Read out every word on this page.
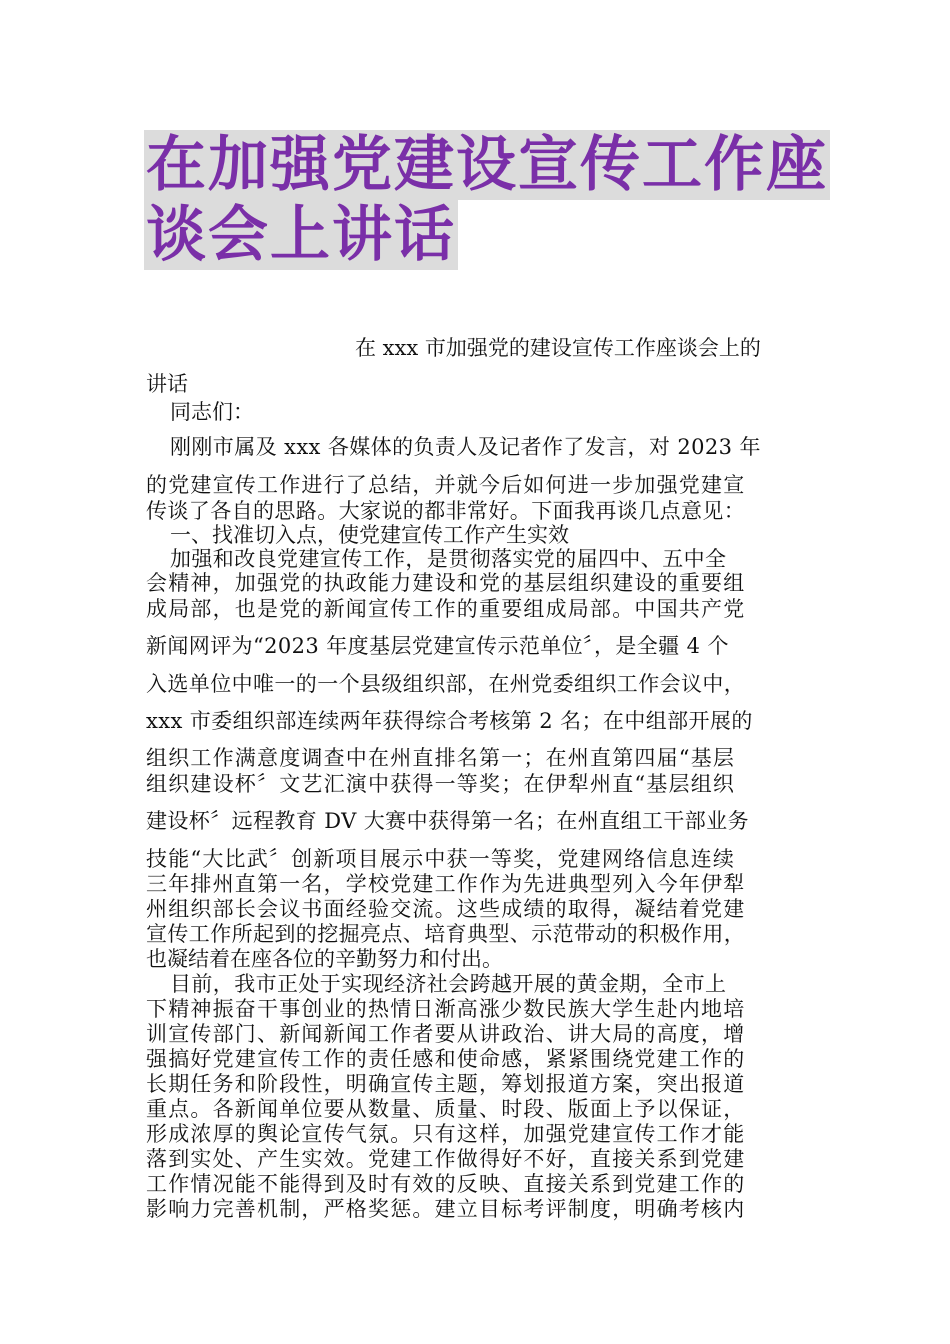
在加强党建设宣传工作座
谈会上讲话
在 xxx 市加强党的建设宣传工作座谈会上的
讲话
同志们：
刚刚市属及 xxx 各媒体的负责人及记者作了发言，对 2023 年
的党建宣传工作进行了总结，并就今后如何进一步加强党建宣
传谈了各自的思路。大家说的都非常好。下面我再谈几点意见：
一、找准切入点，使党建宣传工作产生实效
加强和改良党建宣传工作，是贯彻落实党的届四中、五中全
会精神，加强党的执政能力建设和党的基层组织建设的重要组
成局部，也是党的新闻宣传工作的重要组成局部。中国共产党
新闻网评为“2023 年度基层党建宣传示范单位〞，是全疆 4 个
入选单位中唯一的一个县级组织部，在州党委组织工作会议中，
xxx 市委组织部连续两年获得综合考核第 2 名；在中组部开展的
组织工作满意度调查中在州直排名第一；在州直第四届“基层
组织建设杯〞文艺汇演中获得一等奖；在伊犁州直“基层组织
建设杯〞远程教育 DV 大赛中获得第一名；在州直组工干部业务
技能“大比武〞创新项目展示中获一等奖，党建网络信息连续
三年排州直第一名，学校党建工作作为先进典型列入今年伊犁
州组织部长会议书面经验交流。这些成绩的取得，凝结着党建
宣传工作所起到的挖掘亮点、培育典型、示范带动的积极作用，
也凝结着在座各位的辛勤努力和付出。
目前，我市正处于实现经济社会跨越开展的黄金期，全市上
下精神振奋干事创业的热情日渐高涨少数民族大学生赴内地培
训宣传部门、新闻新闻工作者要从讲政治、讲大局的高度，增
强搞好党建宣传工作的责任感和使命感，紧紧围绕党建工作的
长期任务和阶段性，明确宣传主题，筹划报道方案，突出报道
重点。各新闻单位要从数量、质量、时段、版面上予以保证，
形成浓厚的舆论宣传气氛。只有这样，加强党建宣传工作才能
落到实处、产生实效。党建工作做得好不好，直接关系到党建
工作情况能不能得到及时有效的反映、直接关系到党建工作的
影响力完善机制，严格奖惩。建立目标考评制度，明确考核内
